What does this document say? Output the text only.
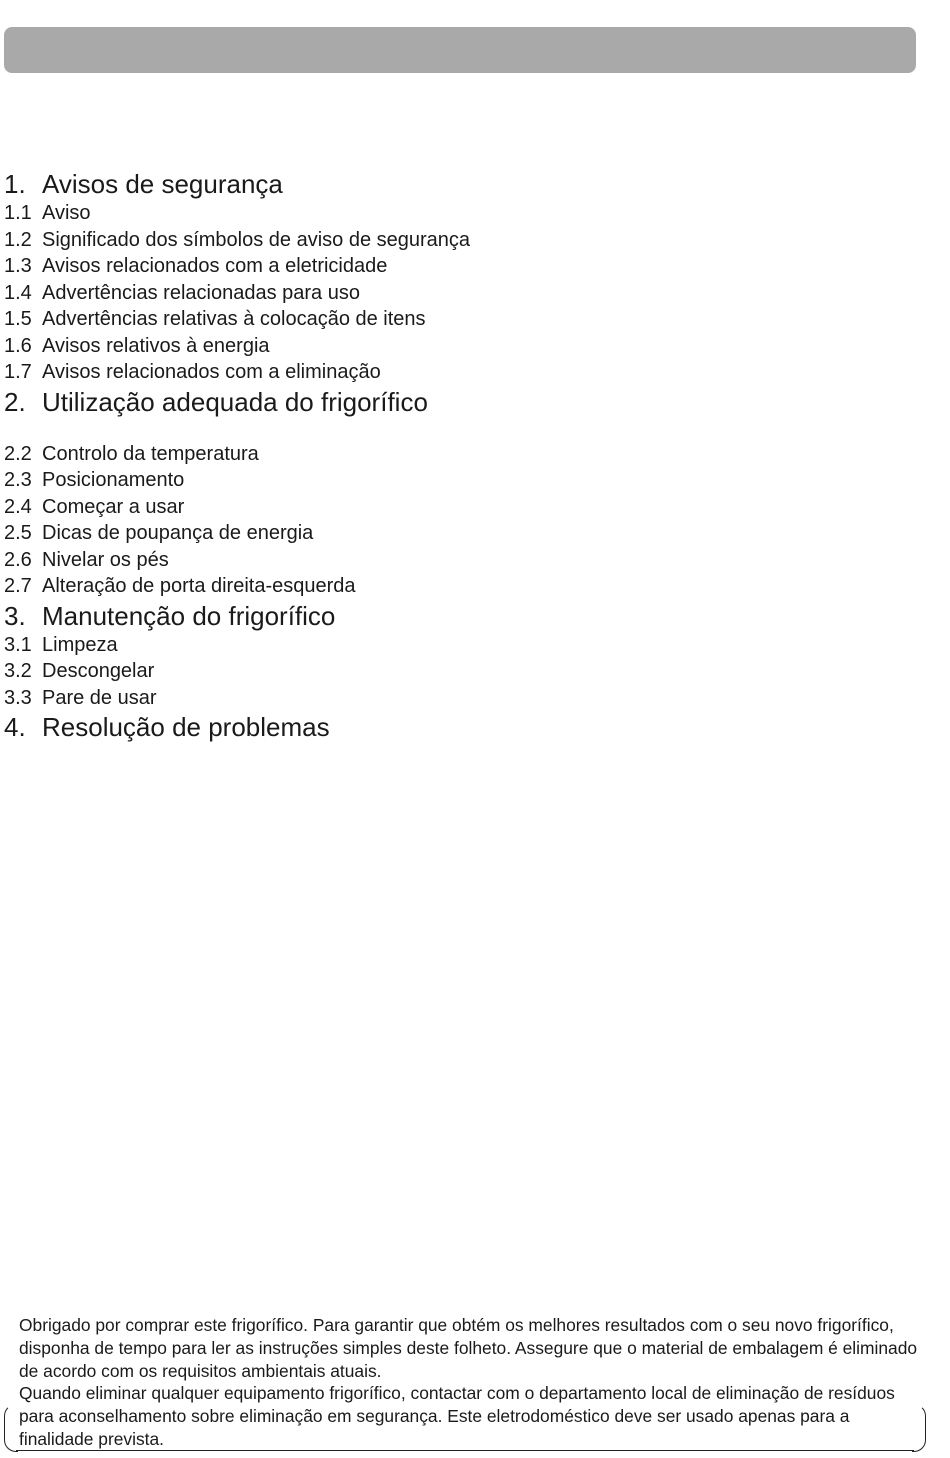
1. Avisos de segurança
1.1 Aviso
1.2 Significado dos símbolos de aviso de segurança
1.3 Avisos relacionados com a eletricidade
1.4 Advertências relacionadas para uso
1.5 Advertências relativas à colocação de itens
1.6 Avisos relativos à energia
1.7 Avisos relacionados com a eliminação
2. Utilização adequada do frigorífico
2.2 Controlo da temperatura
2.3 Posicionamento
2.4 Começar a usar
2.5 Dicas de poupança de energia
2.6 Nivelar os pés
2.7 Alteração de porta direita-esquerda
3. Manutenção do frigorífico
3.1 Limpeza
3.2 Descongelar
3.3 Pare de usar
4. Resolução de problemas

Obrigado por comprar este frigorífico. Para garantir que obtém os melhores resultados com o seu novo frigorífico, disponha de tempo para ler as instruções simples deste folheto. Assegure que o material de embalagem é eliminado de acordo com os requisitos ambientais atuais.

Quando eliminar qualquer equipamento frigorífico, contactar com o departamento local de eliminação de resíduos para aconselhamento sobre eliminação em segurança. Este eletrodoméstico deve ser usado apenas para a finalidade prevista.
